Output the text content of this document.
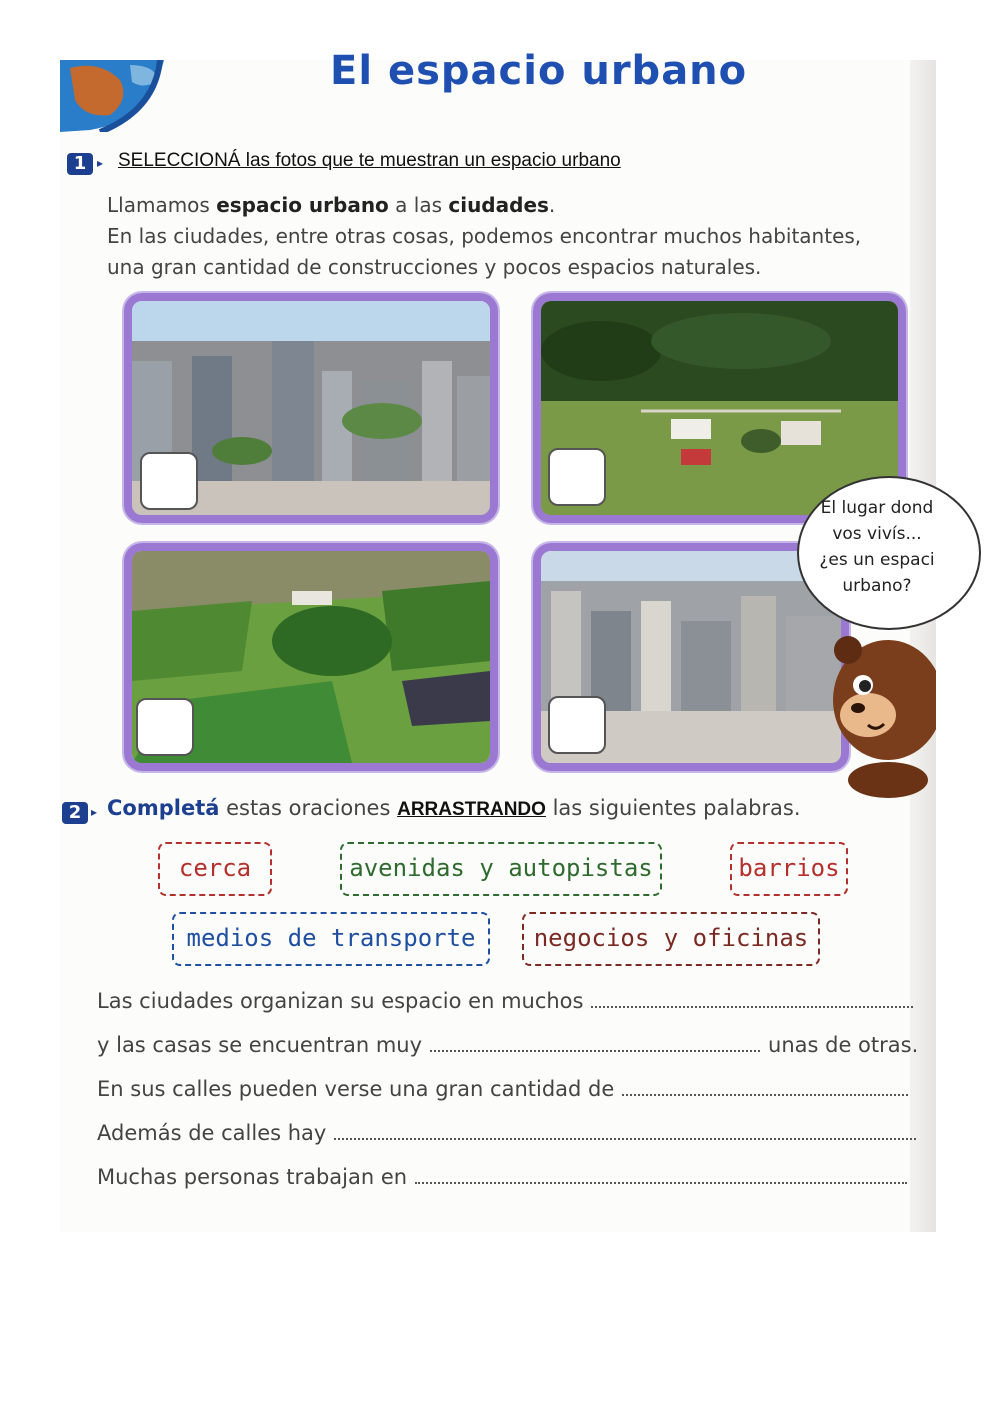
El espacio urbano
1 ▸ SELECCIONÁ las fotos que te muestran un espacio urbano
Llamamos espacio urbano a las ciudades.
En las ciudades, entre otras cosas, podemos encontrar muchos habitantes,
una gran cantidad de construcciones y pocos espacios naturales.
El lugar dond
vos vivís...
¿es un espaci
urbano?
2 ▸ Completá estas oraciones ARRASTRANDO las siguientes palabras.
cerca	avenidas y autopistas	barrios
medios de transporte	negocios y oficinas
Las ciudades organizan su espacio en muchos
y las casas se encuentran muy	unas de otras.
En sus calles pueden verse una gran cantidad de
Además de calles hay
Muchas personas trabajan en
